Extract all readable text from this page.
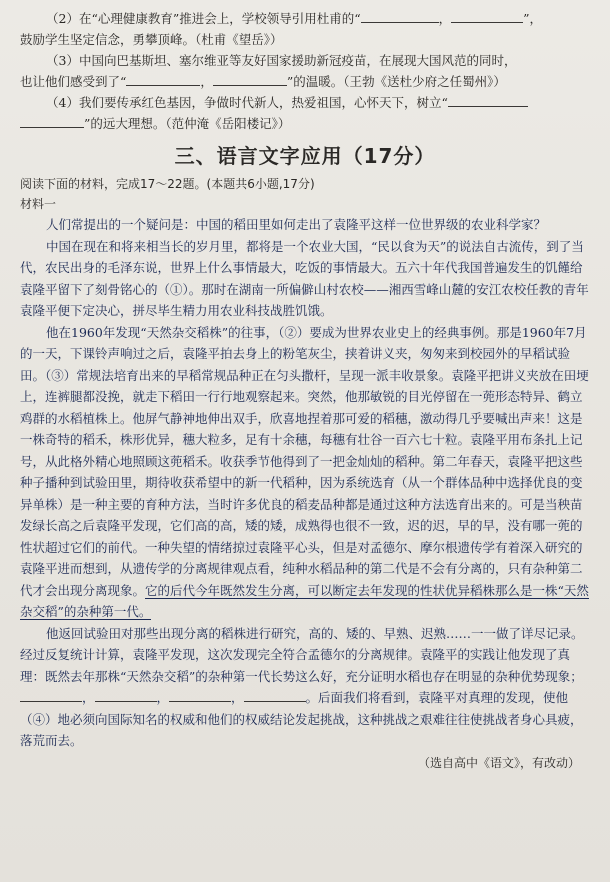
（2）在“心理健康教育”推进会上，学校领导引用杜甫的“	，	”，
鼓励学生坚定信念，勇攀顶峰。（杜甫《望岳》）
（3）中国向巴基斯坦、塞尔维亚等友好国家援助新冠疫苗，在展现大国风范的同时，
也让他们感受到了“	，	”的温暖。（王勃《送杜少府之任蜀州》）
（4）我们要传承红色基因，争做时代新人，热爱祖国，心怀天下，树立“
”的远大理想。（范仲淹《岳阳楼记》）
三、语言文字应用（17分）
阅读下面的材料，完成17～22题。(本题共6小题,17分)
材料一

人们常提出的一个疑问是：中国的稻田里如何走出了袁隆平这样一位世界级的农业科学家？

中国在现在和将来相当长的岁月里，都将是一个农业大国，“民以食为天”的说法自古流传，到了当代，农民出身的毛泽东说，世界上什么事情最大，吃饭的事情最大。五六十年代我国普遍发生的饥饉给袁隆平留下了刻骨铭心的（①）。那时在湖南一所偏僻山村农校——湘西雪峰山麓的安江农校任教的青年袁隆平便下定决心，拼尽毕生精力用农业科技战胜饥饿。

他在1960年发现“天然杂交稻株”的往事，（②）要成为世界农业史上的经典事例。那是1960年7月的一天，下课铃声响过之后，袁隆平拍去身上的粉笔灰尘，挟着讲义夹，匆匆来到校园外的早稻试验田。（③）常规法培育出来的早稻常规品种正在匀头撒杆，呈现一派丰收景象。袁隆平把讲义夹放在田埂上，连裤腿都没挽，就走下稻田一行行地观察起来。突然，他那敏锐的目光停留在一蔸形态特异、鹤立鸡群的水稻植株上。他屏气静神地伸出双手，欣喜地捏着那可爱的稻穗，激动得几乎要喊出声来！这是一株奇特的稻禾，株形优异，穗大粒多，足有十余穗，每穗有壮谷一百六七十粒。袁隆平用布条扎上记号，从此格外精心地照顾这蔸稻禾。收获季节他得到了一把金灿灿的稻种。第二年春天，袁隆平把这些种子播种到试验田里，期待收获希望中的新一代稻种，因为系统选育（从一个群体品种中选择优良的变异单株）是一种主要的育种方法，当时许多优良的稻麦品种都是通过这种方法选育出来的。可是当秧苗发绿长高之后袁隆平发现，它们高的高，矮的矮，成熟得也很不一致，迟的迟，早的早，没有哪一蔸的性状超过它们的前代。一种失望的情绪掠过袁隆平心头，但是对孟德尔、摩尔根遗传学有着深入研究的袁隆平进而想到，从遗传学的分离规律观点看，纯种水稻品种的第二代是不会有分离的，只有杂种第二代才会出现分离现象。它的后代今年既然发生分离，可以断定去年发现的性状优异稻株那么是一株“天然杂交稻”的杂种第一代。

他返回试验田对那些出现分离的稻株进行研究，高的、矮的、早熟、迟熟……一一做了详尽记录。经过反复统计计算，袁隆平发现，这次发现完全符合孟德尔的分离规律。袁隆平的实践让他发现了真理：既然去年那株“天然杂交稻”的杂种第一代长势这么好，充分证明水稻也存在明显的杂种优势现象；，	，	，	。后面我们将看到，袁隆平对真理的发现，使他（④）地必须向国际知名的权威和他们的权威结论发起挑战，这种挑战之艰难往往使挑战者身心具疲，落荒而去。

（选自高中《语文》，有改动）
